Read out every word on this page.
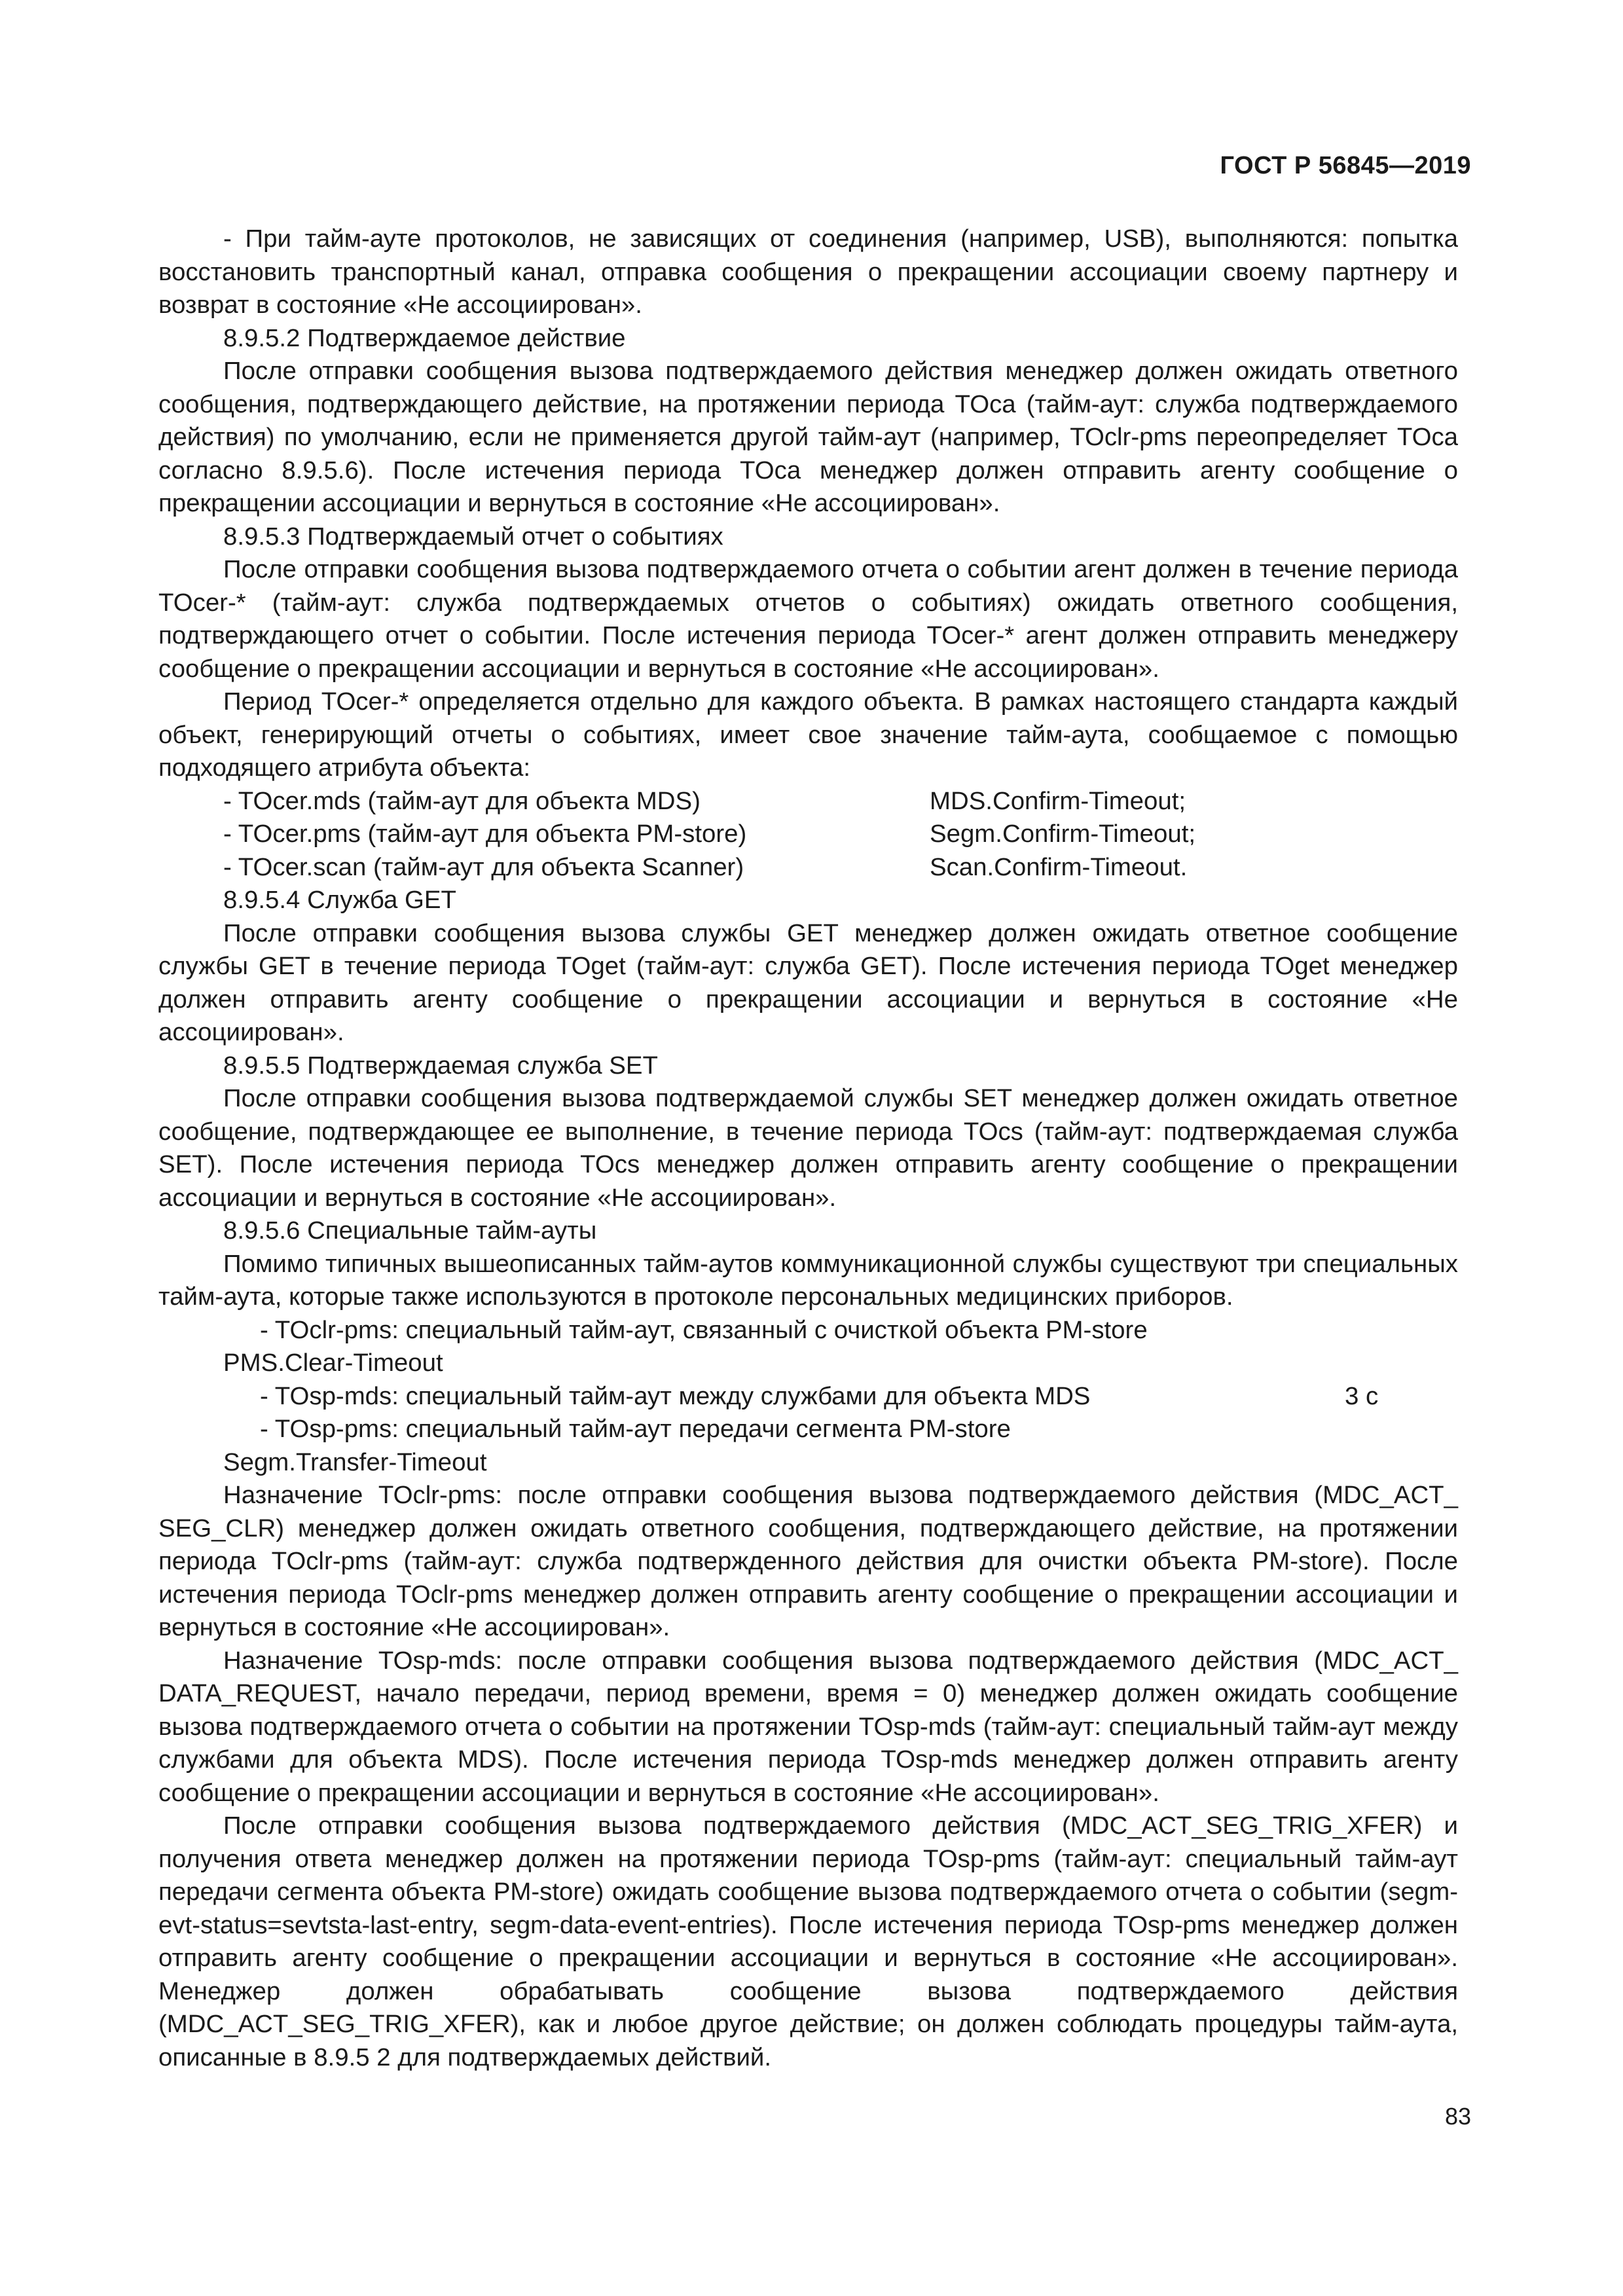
ГОСТ Р 56845—2019

- При тайм-ауте протоколов, не зависящих от соединения (например, USB), выполняются: попытка восстановить транспортный канал, отправка сообщения о прекращении ассоциации своему партнеру и возврат в состояние «Не ассоциирован».

8.9.5.2 Подтверждаемое действие

После отправки сообщения вызова подтверждаемого действия менеджер должен ожидать ответного сообщения, подтверждающего действие, на протяжении периода TOca (тайм-аут: служба подтверждаемого действия) по умолчанию, если не применяется другой тайм-аут (например, TOclr-pms переопределяет TOca согласно 8.9.5.6). После истечения периода TOca менеджер должен отправить агенту сообщение о прекращении ассоциации и вернуться в состояние «Не ассоциирован».

8.9.5.3 Подтверждаемый отчет о событиях

После отправки сообщения вызова подтверждаемого отчета о событии агент должен в течение периода TOcer-* (тайм-аут: служба подтверждаемых отчетов о событиях) ожидать ответного сообщения, подтверждающего отчет о событии. После истечения периода TOcer-* агент должен отправить менеджеру сообщение о прекращении ассоциации и вернуться в состояние «Не ассоциирован».

Период TOcer-* определяется отдельно для каждого объекта. В рамках настоящего стандарта каждый объект, генерирующий отчеты о событиях, имеет свое значение тайм-аута, сообщаемое с помощью подходящего атрибута объекта:

- TOcer.mds (тайм-аут для объекта MDS)	MDS.Confirm-Timeout;
- TOcer.pms (тайм-аут для объекта PM-store)	Segm.Confirm-Timeout;
- TOcer.scan (тайм-аут для объекта Scanner)	Scan.Confirm-Timeout.

8.9.5.4 Служба GET

После отправки сообщения вызова службы GET менеджер должен ожидать ответное сообщение службы GET в течение периода TOget (тайм-аут: служба GET). После истечения периода TOget менеджер должен отправить агенту сообщение о прекращении ассоциации и вернуться в состояние «Не ассоциирован».

8.9.5.5 Подтверждаемая служба SET

После отправки сообщения вызова подтверждаемой службы SET менеджер должен ожидать ответное сообщение, подтверждающее ее выполнение, в течение периода TOcs (тайм-аут: подтверждаемая служба SET). После истечения периода TOcs менеджер должен отправить агенту сообщение о прекращении ассоциации и вернуться в состояние «Не ассоциирован».

8.9.5.6 Специальные тайм-ауты

Помимо типичных вышеописанных тайм-аутов коммуникационной службы существуют три специальных тайм-аута, которые также используются в протоколе персональных медицинских приборов.

- TOclr-pms: специальный тайм-аут, связанный с очисткой объекта PM-store

PMS.Clear-Timeout

- TOsp-mds: специальный тайм-аут между службами для объекта MDS	3 с

- TOsp-pms: специальный тайм-аут передачи сегмента PM-store

Segm.Transfer-Timeout

Назначение TOclr-pms: после отправки сообщения вызова подтверждаемого действия (MDC_ACT_ SEG_CLR) менеджер должен ожидать ответного сообщения, подтверждающего действие, на протяжении периода TOclr-pms (тайм-аут: служба подтвержденного действия для очистки объекта PM-store). После истечения периода TOclr-pms менеджер должен отправить агенту сообщение о прекращении ассоциации и вернуться в состояние «Не ассоциирован».

Назначение TOsp-mds: после отправки сообщения вызова подтверждаемого действия (MDC_ACT_ DATA_REQUEST, начало передачи, период времени, время = 0) менеджер должен ожидать сообщение вызова подтверждаемого отчета о событии на протяжении TOsp-mds (тайм-аут: специальный тайм-аут между службами для объекта MDS). После истечения периода TOsp-mds менеджер должен отправить агенту сообщение о прекращении ассоциации и вернуться в состояние «Не ассоциирован».

После отправки сообщения вызова подтверждаемого действия (MDC_ACT_SEG_TRIG_XFER) и получения ответа менеджер должен на протяжении периода TOsp-pms (тайм-аут: специальный тайм-аут передачи сегмента объекта PM-store) ожидать сообщение вызова подтверждаемого отчета о событии (segm-evt-status=sevtsta-last-entry, segm-data-event-entries). После истечения периода TOsp-pms менеджер должен отправить агенту сообщение о прекращении ассоциации и вернуться в состояние «Не ассоциирован». Менеджер должен обрабатывать сообщение вызова подтверждаемого действия (MDC_ACT_SEG_TRIG_XFER), как и любое другое действие; он должен соблюдать процедуры тайм-аута, описанные в 8.9.5 2 для подтверждаемых действий.

83
